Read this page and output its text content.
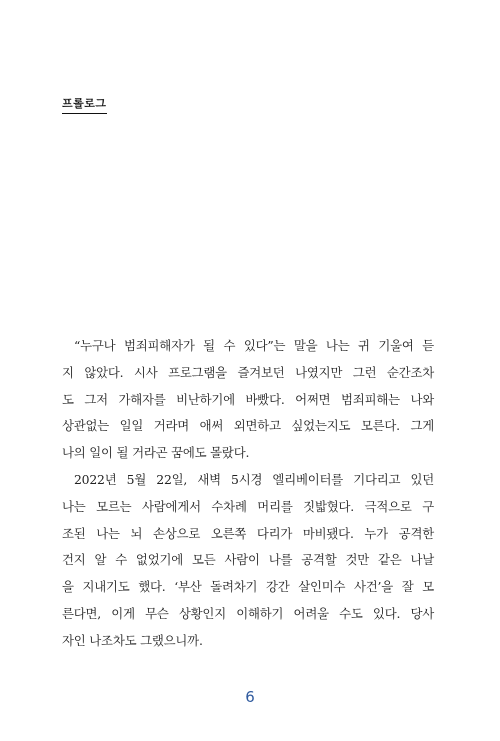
프롤로그
“누구나 범죄피해자가 될 수 있다”는 말을 나는 귀 기울여 듣
지 않았다. 시사 프로그램을 즐겨보던 나였지만 그런 순간조차
도 그저 가해자를 비난하기에 바빴다. 어쩌면 범죄피해는 나와
상관없는 일일 거라며 애써 외면하고 싶었는지도 모른다. 그게
나의 일이 될 거라곤 꿈에도 몰랐다.
2022년 5월 22일, 새벽 5시경 엘리베이터를 기다리고 있던
나는 모르는 사람에게서 수차례 머리를 짓밟혔다. 극적으로 구
조된 나는 뇌 손상으로 오른쪽 다리가 마비됐다. 누가 공격한
건지 알 수 없었기에 모든 사람이 나를 공격할 것만 같은 나날
을 지내기도 했다. ‘부산 돌려차기 강간 살인미수 사건’을 잘 모
른다면, 이게 무슨 상황인지 이해하기 어려울 수도 있다. 당사
자인 나조차도 그랬으니까.
6
